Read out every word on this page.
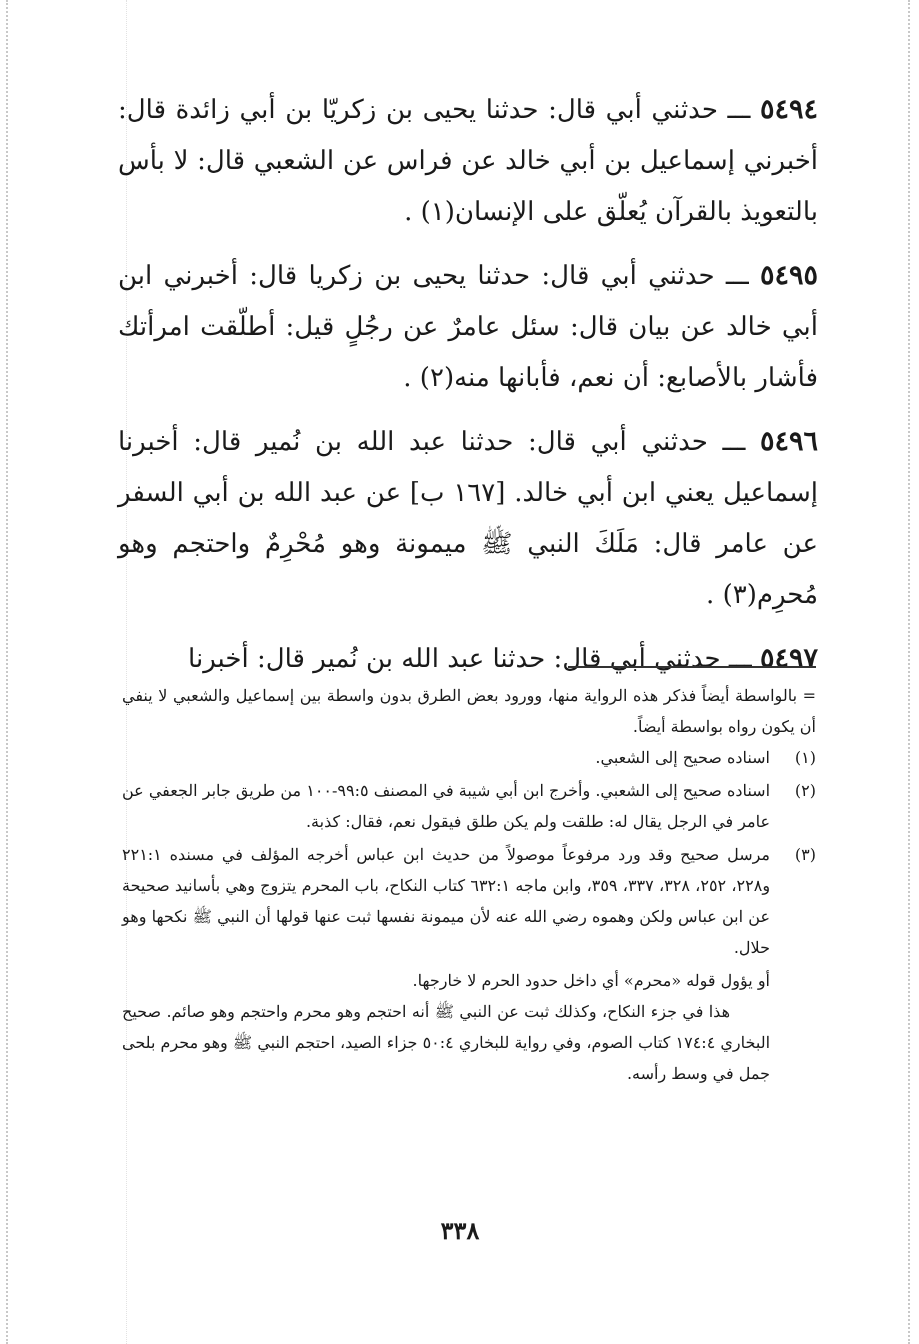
٥٤٩٤ ـــ حدثني أبي قال: حدثنا يحيى بن زكريّا بن أبي زائدة قال: أخبرني إسماعيل بن أبي خالد عن فراس عن الشعبي قال: لا بأس بالتعويذ بالقرآن يُعلّق على الإنسان(١) .

٥٤٩٥ ـــ حدثني أبي قال: حدثنا يحيى بن زكريا قال: أخبرني ابن أبي خالد عن بيان قال: سئل عامرٌ عن رجُلٍ قيل: أطلّقت امرأتك فأشار بالأصابع: أن نعم، فأبانها منه(٢) .

٥٤٩٦ ـــ حدثني أبي قال: حدثنا عبد الله بن نُمير قال: أخبرنا إسماعيل يعني ابن أبي خالد. [١٦٧ ب] عن عبد الله بن أبي السفر عن عامر قال: مَلَكَ النبي ﷺ ميمونة وهو مُحْرِمٌ واحتجم وهو مُحرِم(٣) .

٥٤٩٧ ـــ حدثني أبي قال: حدثنا عبد الله بن نُمير قال: أخبرنا

= بالواسطة أيضاً فذكر هذه الرواية منها، وورود بعض الطرق بدون واسطة بين إسماعيل والشعبي لا ينفي أن يكون رواه بواسطة أيضاً.
(١)
اسناده صحيح إلى الشعبي.
(٢)
اسناده صحيح إلى الشعبي. وأخرج ابن أبي شيبة في المصنف ٩٩:٥-١٠٠ من طريق جابر الجعفي عن عامر في الرجل يقال له: طلقت ولم يكن طلق فيقول نعم، فقال: كذبة.
(٣)
مرسل صحيح وقد ورد مرفوعاً موصولاً من حديث ابن عباس أخرجه المؤلف في مسنده ٢٢١:١ و٢٢٨، ٢٥٢، ٣٢٨، ٣٣٧، ٣٥٩، وابن ماجه ٦٣٢:١ كتاب النكاح، باب المحرم يتزوج وهي بأسانيد صحيحة عن ابن عباس ولكن وهموه رضي الله عنه لأن ميمونة نفسها ثبت عنها قولها أن النبي ﷺ نكحها وهو حلال.
أو يؤول قوله «محرم» أي داخل حدود الحرم لا خارجها.
هذا في جزء النكاح، وكذلك ثبت عن النبي ﷺ أنه احتجم وهو محرم واحتجم وهو صائم. صحيح البخاري ١٧٤:٤ كتاب الصوم، وفي رواية للبخاري ٥٠:٤ جزاء الصيد، احتجم النبي ﷺ وهو محرم بلحى جمل في وسط رأسه.
٣٣٨
